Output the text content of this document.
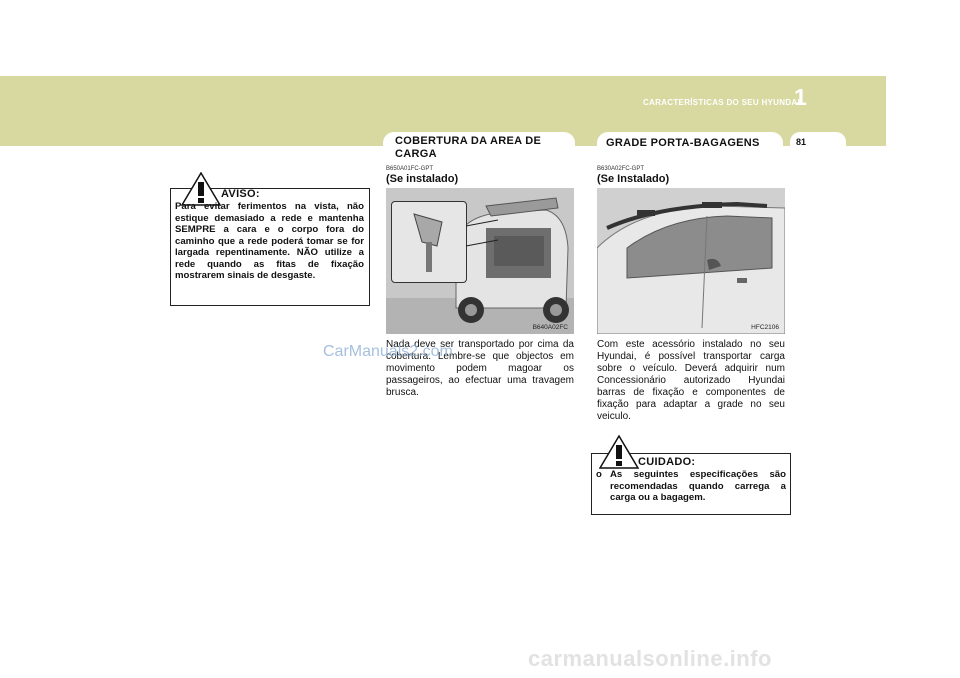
CARACTERÍSTICAS DO SEU HYUNDAI
1
81
AVISO:
Para evitar ferimentos na vista, não estique demasiado a rede e mantenha SEMPRE a cara e o corpo fora do caminho que a rede poderá tomar se for largada repentinamente. NÃO utilize a rede quando as fitas de fixação mostrarem sinais de desgaste.
COBERTURA DA AREA DE CARGA
B650A01FC-GPT
(Se instalado)
B640A02FC
Nada deve ser transportado por cima da cobertura. Lembre-se que objectos em movimento podem magoar os passageiros, ao efectuar uma travagem brusca.
GRADE PORTA-BAGAGENS
B630A02FC-GPT
(Se Instalado)
HFC2106
Com este acessório instalado no seu Hyundai, é possível transportar carga sobre o veículo. Deverá adquirir num Concessionário autorizado Hyundai barras de fixação e componentes de fixação para adaptar a grade no seu veiculo.
CUIDADO:
o As seguintes especificações são recomendadas quando carrega a carga ou a bagagem.
CarManuals2.com
carmanualsonline.info
